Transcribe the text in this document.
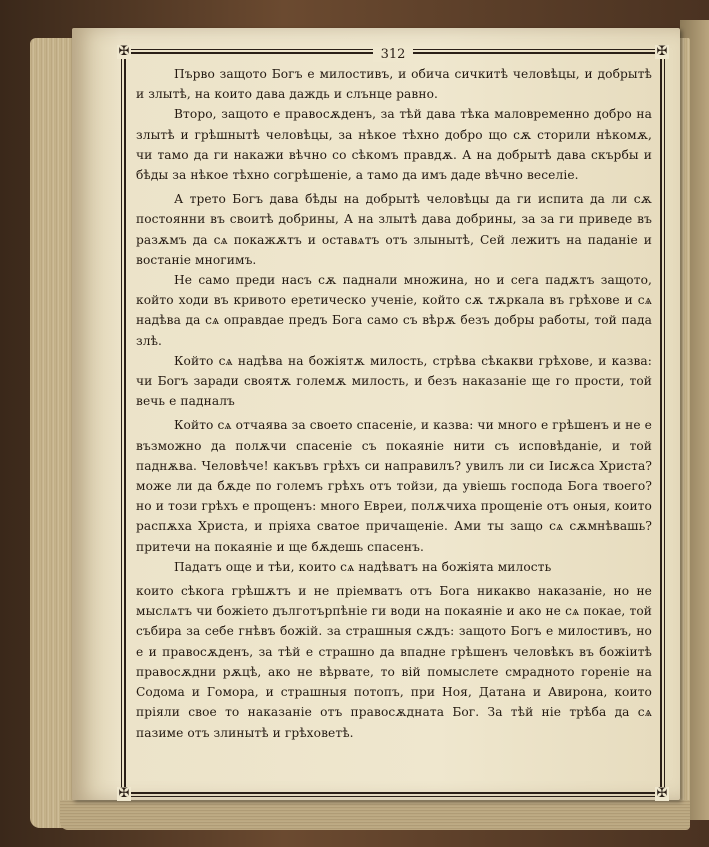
✠	✠
✠	✠
312

Първо защото Богъ е милостивъ, и обича сичкитѣ человѣцы, и добрытѣ и злытѣ, на които дава даждь и слънце равно.

Второ, защото е правосѫденъ, за тѣй дава тѣка маловременно добро на злытѣ и грѣшнытѣ человѣцы, за нѣкое тѣхно добро що сѫ сторили нѣкомѫ, чи тамо да ги накажи вѣчно со сѣкомъ правдѫ. А на добрытѣ дава скърбы и бѣды за нѣкое тѣхно согрѣшеніе, а тамо да имъ даде вѣчно веселіе.

А трето Богъ дава бѣды на добрытѣ человѣцы да ги испита да ли сѫ постоянни въ своитѣ добрины, А на злытѣ дава добрины, за за ги приведе въ разѫмъ да сѧ покажѫтъ и оставѧтъ отъ злынытѣ, Сей лежитъ на паданіе и востаніе многимъ.

Не само преди насъ сѫ паднали множина, но и сега падѫтъ защото, който ходи въ кривото еретическо ученіе, който сѫ тѫркала въ грѣхове и сѧ надѣва да сѧ оправдае предъ Бога само съ вѣрѫ безъ добры работы, той пада злѣ.

Който сѧ надѣва на божіятѫ милость, стрѣва сѣкакви грѣхове, и казва: чи Богъ заради своятѫ големѫ милость, и безъ наказаніе ще го прости, той вечь е падналъ

Който сѧ отчаява за своето спасеніе, и казва: чи много е грѣшенъ и не е възможно да полѫчи спасеніе съ покаяніе нити съ исповѣданіе, и той паднѫва. Человѣче! какъвъ грѣхъ си направилъ? увилъ ли си Іисѫса Христа? може ли да бѫде по големъ грѣхъ отъ тойзи, да увіешь господа Бога твоего? но и този грѣхъ е прощенъ: много Евреи, полѫчиха прощеніе отъ оныя, които распѫха Христа, и пріяха сватое причащеніе. Ами ты защо сѧ сѫмнѣвашь? притечи на покаяніе и ще бѫдешь спасенъ.

Падатъ още и тѣи, които сѧ надѣватъ на божіята милость

които сѣкога грѣшѫтъ и не пріемватъ отъ Бога никакво наказаніе, но не мыслѧтъ чи божіето дълготърпѣніе ги води на покаяніе и ако не сѧ покае, той събира за себе гнѣвъ божій. за страшныя сѫдъ: защото Богъ е милостивъ, но е и правосѫденъ, за тѣй е страшно да впадне грѣшенъ человѣкъ въ божіитѣ правосѫдни рѫцѣ, ако не вѣрвате, то вій помыслете смрадното гореніе на Содома и Гомора, и страшныя потопъ, при Ноя, Датана и Авирона, които пріяли свое то наказаніе отъ правосѫдната Бог. За тѣй ніе трѣба да сѧ пазиме отъ злинытѣ и грѣховетѣ.
